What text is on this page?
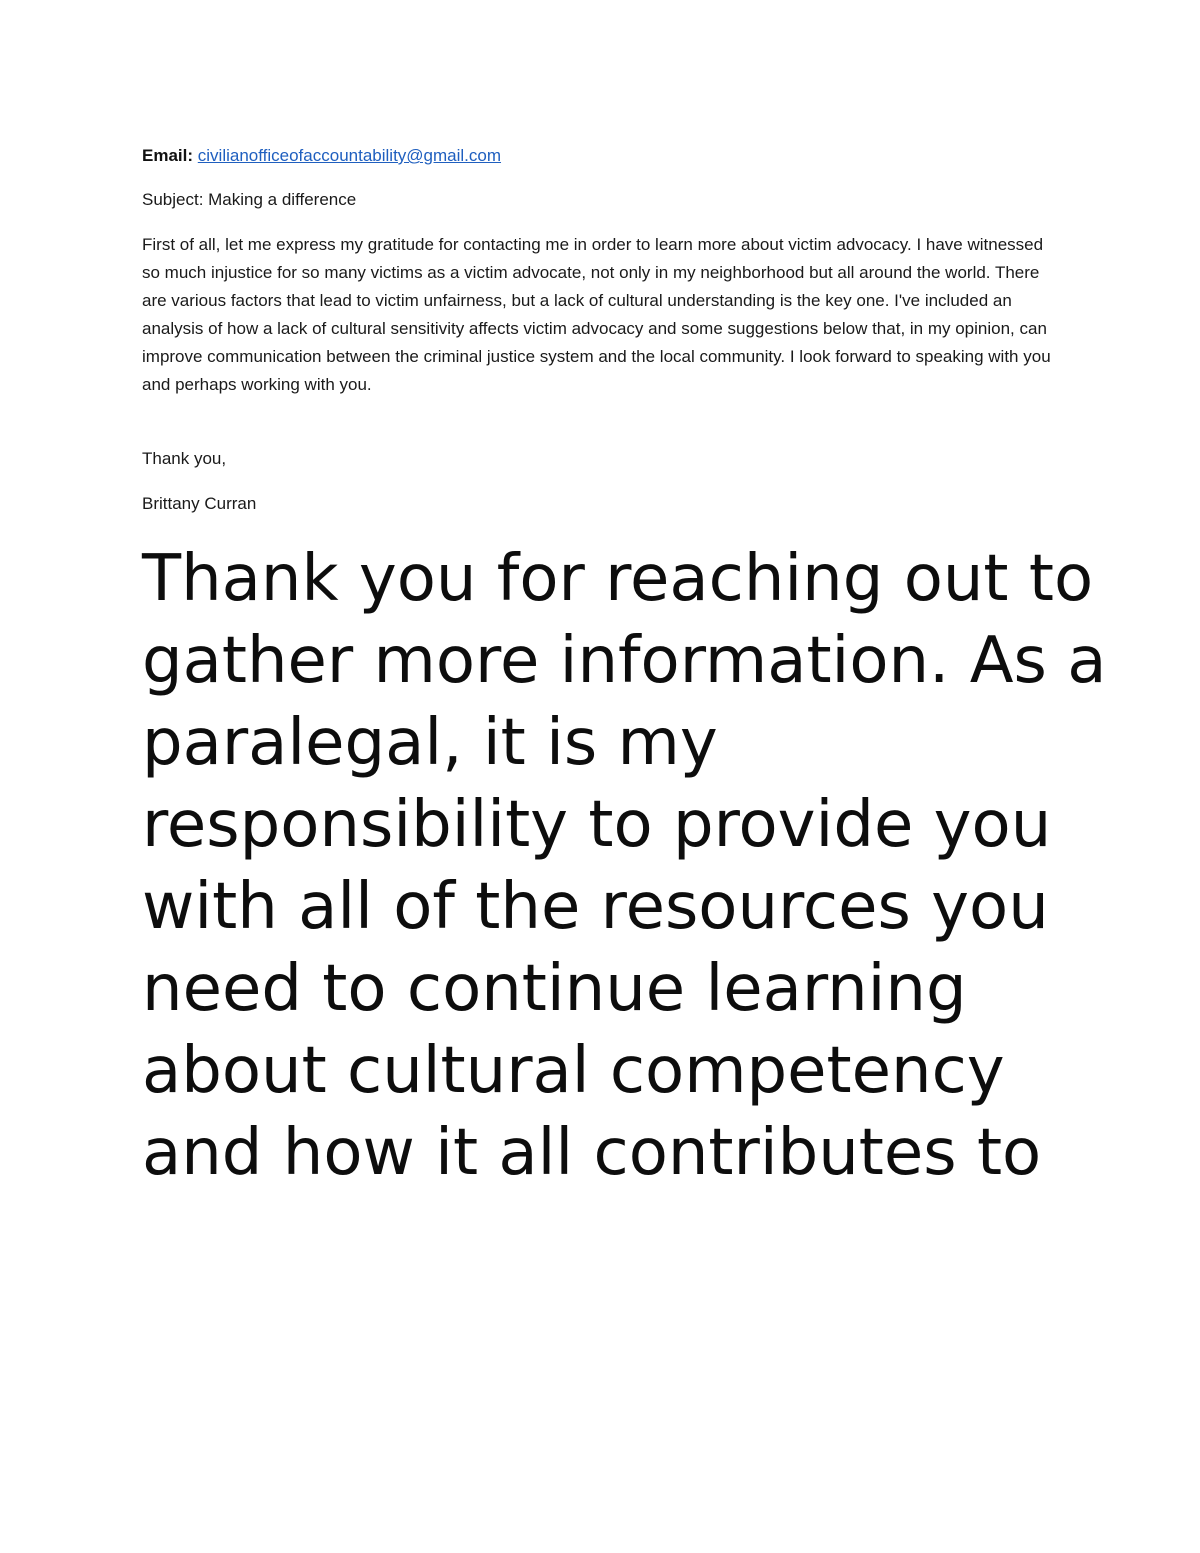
Email: civilianofficeofaccountability@gmail.com

Subject: Making a difference

First of all, let me express my gratitude for contacting me in order to learn more about victim advocacy. I have witnessed so much injustice for so many victims as a victim advocate, not only in my neighborhood but all around the world. There are various factors that lead to victim unfairness, but a lack of cultural understanding is the key one. I've included an analysis of how a lack of cultural sensitivity affects victim advocacy and some suggestions below that, in my opinion, can improve communication between the criminal justice system and the local community. I look forward to speaking with you and perhaps working with you.

Thank you,

Brittany Curran

Thank you for reaching out to gather more information. As a paralegal, it is my responsibility to provide you with all of the resources you need to continue learning about cultural competency and how it all contributes to
